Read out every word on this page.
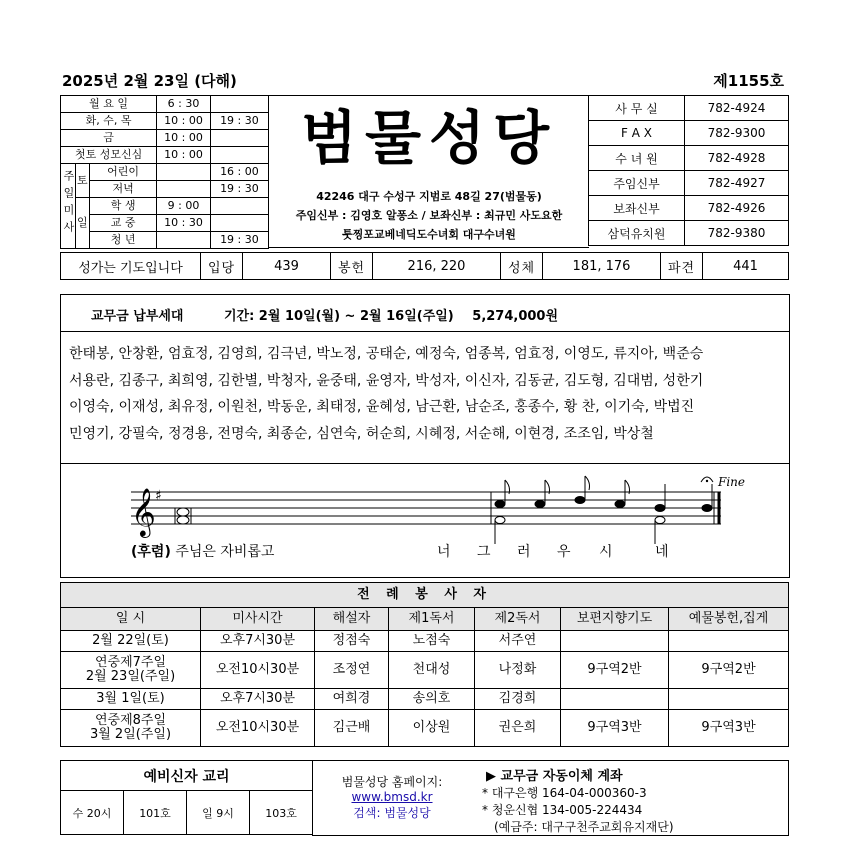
2025년 2월 23일 (다해)	제1155호
월 요 일			6 : 30	
화, 수, 목			10 : 00	19 : 30
금			10 : 00	
첫토 성모신심			10 : 00	
주일미사	토	어린이		16 : 00
		저녁		19 : 30
	일	학 생	9 : 00	
		교 중	10 : 30	
		청 년		19 : 30
범물성당
42246 대구 수성구 지범로 48길 27(범물동)
주임신부 : 김영호 알퐁소 / 보좌신부 : 최규민 사도요한
툿찡포교베네딕도수녀회 대구수녀원
사 무 실	782-4924
F A X	782-9300
수 녀 원	782-4928
주임신부	782-4927
보좌신부	782-4926
삼덕유치원	782-9380
성가는 기도입니다	입당	439	봉헌	216, 220	성체	181, 176	파견	441
교무금 납부세대	기간: 2월 10일(월) ~ 2월 16일(주일) 5,274,000원
한태봉, 안창환, 엄효정, 김영희, 김극년, 박노정, 공태순, 예정숙, 엄종복, 엄효정, 이영도, 류지아, 백준승
서용란, 김종구, 최희영, 김한별, 박청자, 윤중태, 윤영자, 박성자, 이신자, 김동균, 김도형, 김대범, 성한기
이영숙, 이재성, 최유정, 이원천, 박동운, 최태정, 윤혜성, 남근환, 남순조, 홍종수, 황 찬, 이기숙, 박법진
민영기, 강필숙, 정경용, 전명숙, 최종순, 심연숙, 허순희, 시혜정, 서순해, 이현경, 조조임, 박상철
𝄞 ♯
Fine
(후렴) 주님은 자비롭고	너 그 러 우 시	네
전 례 봉 사 자						
일 시	미사시간	해설자	제1독서	제2독서	보편지향기도	예물봉헌,집게
2월 22일(토)	오후7시30분	정점숙	노점숙	서주연		
연중제7주일
2월 23일(주일)	오전10시30분	조정연	천대성	나정화	9구역2반	9구역2반
3월 1일(토)	오후7시30분	여희경	송의호	김경희		
연중제8주일
3월 2일(주일)	오전10시30분	김근배	이상원	권은희	9구역3반	9구역3반
예비신자 교리
수 20시	101호	일 9시	103호
범물성당 홈페이지:
www.bmsd.kr
검색: 범물성당
▶ 교무금 자동이체 계좌
* 대구은행 164-04-000360-3
* 청운신협 134-005-224434
(예금주: 대구구천주교회유지재단)
